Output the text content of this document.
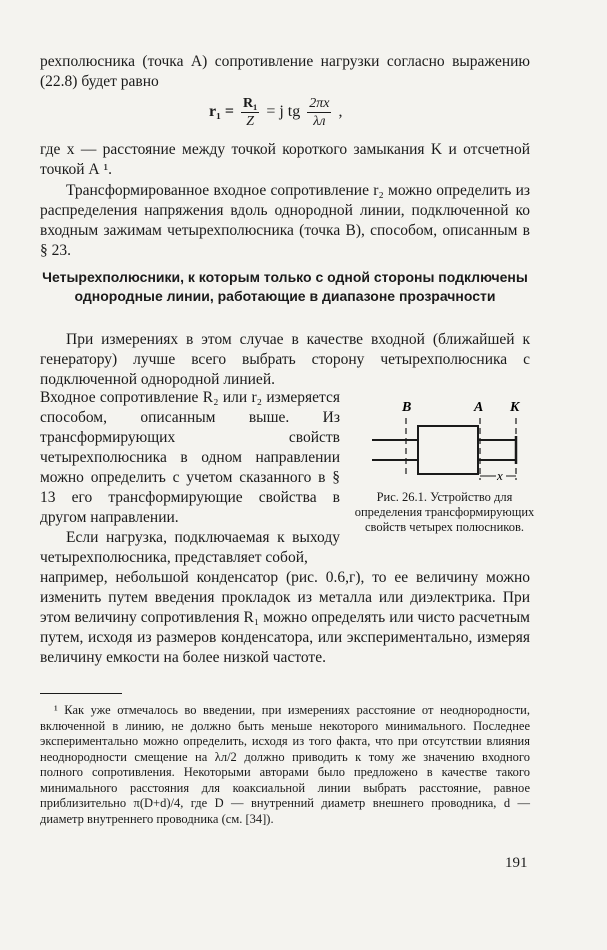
рехполюсника (точка А) сопротивление нагрузки согласно выражению (22.8) будет равно

$r_1 = \frac{\text{R₁}}{Z} = j$ tg $\frac{2\pi x}{\lambda л}$ ,

где x — расстояние между точкой короткого замыкания K и отсчетной точкой А ¹.

Трансформированное входное сопротивление r₂ можно определить из распределения напряжения вдоль однородной линии, подключенной ко входным зажимам четырехполюсника (точка B), способом, описанным в § 23.

Четырехполюсники, к которым только с одной стороны подключены однородные линии, работающие в диапазоне прозрачности

При измерениях в этом случае в качестве входной (ближайшей к генератору) лучше всего выбрать сторону четырехполюсника с подключенной однородной линией.

Входное сопротивление R₂ или r₂ измеряется способом, описанным выше. Из трансформирующих свойств четырехполюсника в одном направлении можно определить с учетом сказанного в § 13 его трансформирующие свойства в другом направлении.

Если нагрузка, подключаемая к выходу четырехполюсника, представляет собой,

например, небольшой конденсатор (рис. 0.6,г), то ее величину можно изменить путем введения прокладок из металла или диэлектрика. При этом величину сопротивления R₁ можно определять или чисто расчетным путем, исходя из размеров конденсатора, или экспериментально, измеряя величину емкости на более низкой частоте.

B	A K
x
Рис. 26.1. Устройство для определения трансформирующих свойств четырех полюсников.

¹ Как уже отмечалось во введении, при измерениях расстояние от неоднородности, включенной в линию, не должно быть меньше некоторого минимального. Последнее экспериментально можно определить, исходя из того факта, что при отсутствии влияния неоднородности смещение на λл/2 должно приводить к тому же значению входного полного сопротивления. Некоторыми авторами было предложено в качестве такого минимального расстояния для коаксиальной линии выбрать расстояние, равное приблизительно π(D+d)/4, где D — внутренний диаметр внешнего проводника, d — диаметр внутреннего проводника (см. [34]).

191
